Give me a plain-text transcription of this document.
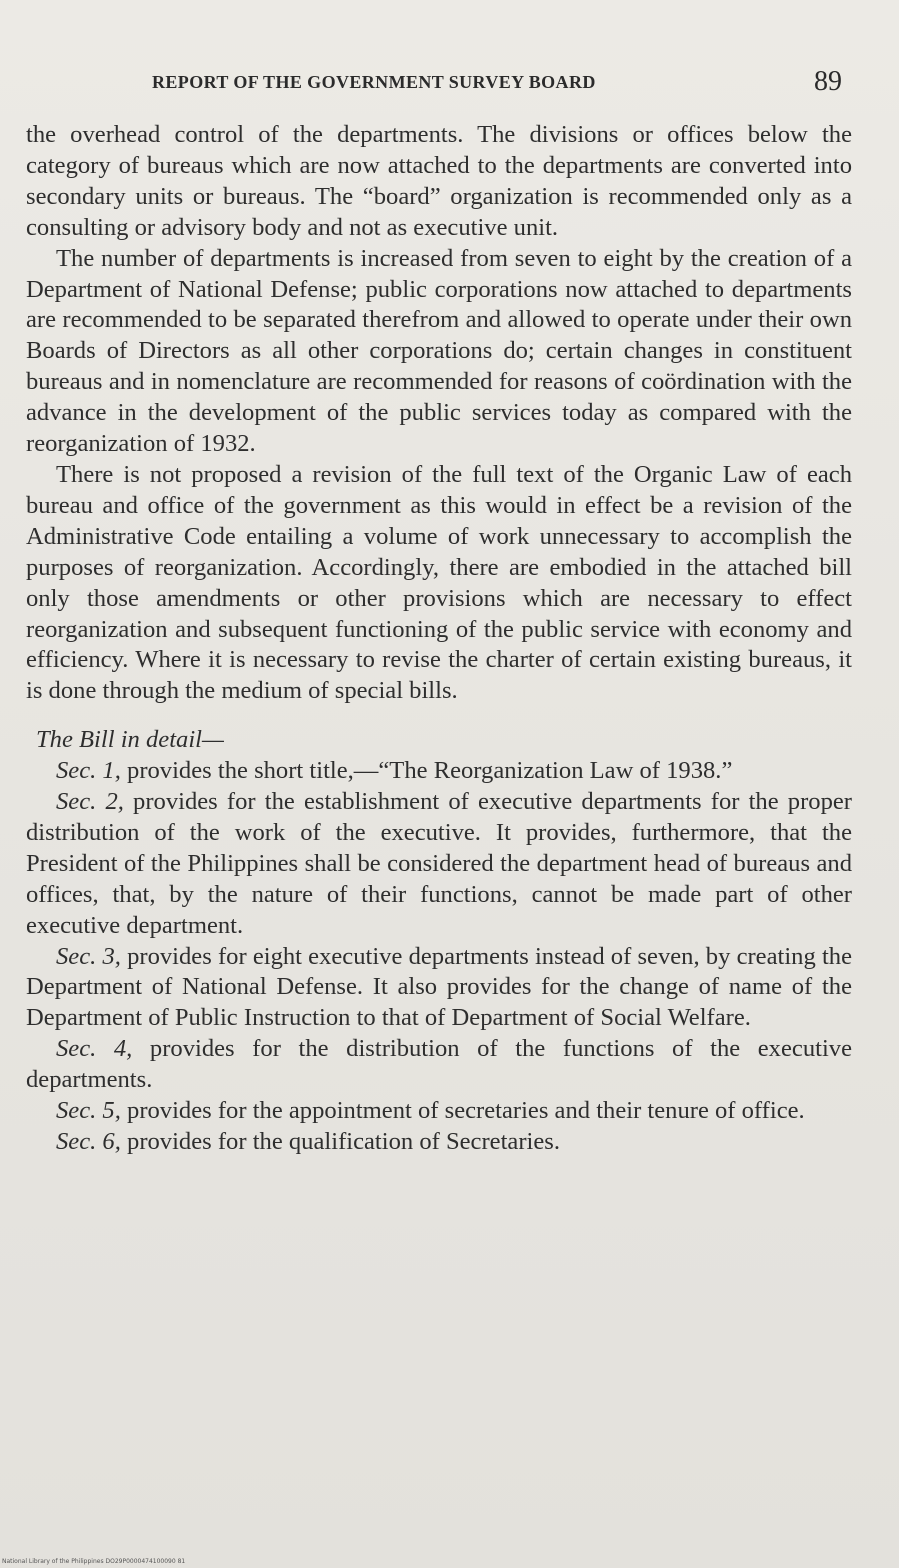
REPORT OF THE GOVERNMENT SURVEY BOARD	89

the overhead control of the departments. The divisions or offices below the category of bureaus which are now attached to the departments are converted into secondary units or bureaus. The “board” organization is recommended only as a consulting or advisory body and not as executive unit.

The number of departments is increased from seven to eight by the creation of a Department of National Defense; public corporations now attached to departments are recommended to be separated therefrom and allowed to operate under their own Boards of Directors as all other corporations do; certain changes in constituent bureaus and in nomenclature are recommended for reasons of coördination with the advance in the development of the public services today as compared with the reorganization of 1932.

There is not proposed a revision of the full text of the Organic Law of each bureau and office of the government as this would in effect be a revision of the Administrative Code entailing a volume of work unnecessary to accomplish the purposes of reorganization. Accordingly, there are embodied in the attached bill only those amendments or other provisions which are necessary to effect reorganization and subsequent functioning of the public service with economy and efficiency. Where it is necessary to revise the charter of certain existing bureaus, it is done through the medium of special bills.

The Bill in detail—

Sec. 1, provides the short title,—“The Reorganization Law of 1938.”

Sec. 2, provides for the establishment of executive departments for the proper distribution of the work of the executive. It provides, furthermore, that the President of the Philippines shall be considered the department head of bureaus and offices, that, by the nature of their functions, cannot be made part of other executive department.

Sec. 3, provides for eight executive departments instead of seven, by creating the Department of National Defense. It also provides for the change of name of the Department of Public Instruction to that of Department of Social Welfare.

Sec. 4, provides for the distribution of the functions of the executive departments.

Sec. 5, provides for the appointment of secretaries and their tenure of office.

Sec. 6, provides for the qualification of Secretaries.

National Library of the Philippines DO29P0000474100090 81
